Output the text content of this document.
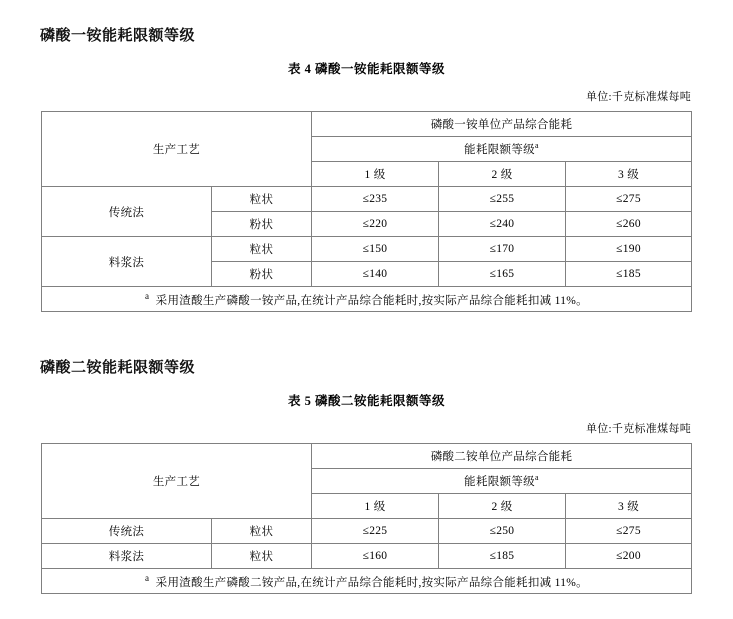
磷酸一铵能耗限额等级
表 4 磷酸一铵能耗限额等级
单位:千克标准煤每吨
生产工艺		磷酸一铵单位产品综合能耗		
		能耗限额等级$^a$
		1 级	2 级	3 级
传统法	粒状	≤235	≤255	≤275
	粉状	≤220	≤240	≤260
料浆法	粒状	≤150	≤170	≤190
	粉状	≤140	≤165	≤185
$^a$ 采用渣酸生产磷酸一铵产品,在统计产品综合能耗时,按实际产品综合能耗扣减 11%。				
磷酸二铵能耗限额等级
表 5 磷酸二铵能耗限额等级
单位:千克标准煤每吨
生产工艺		磷酸二铵单位产品综合能耗		
		能耗限额等级$^a$
		1 级	2 级	3 级
传统法	粒状	≤225	≤250	≤275
料浆法	粒状	≤160	≤185	≤200
$^a$ 采用渣酸生产磷酸二铵产品,在统计产品综合能耗时,按实际产品综合能耗扣减 11%。				
